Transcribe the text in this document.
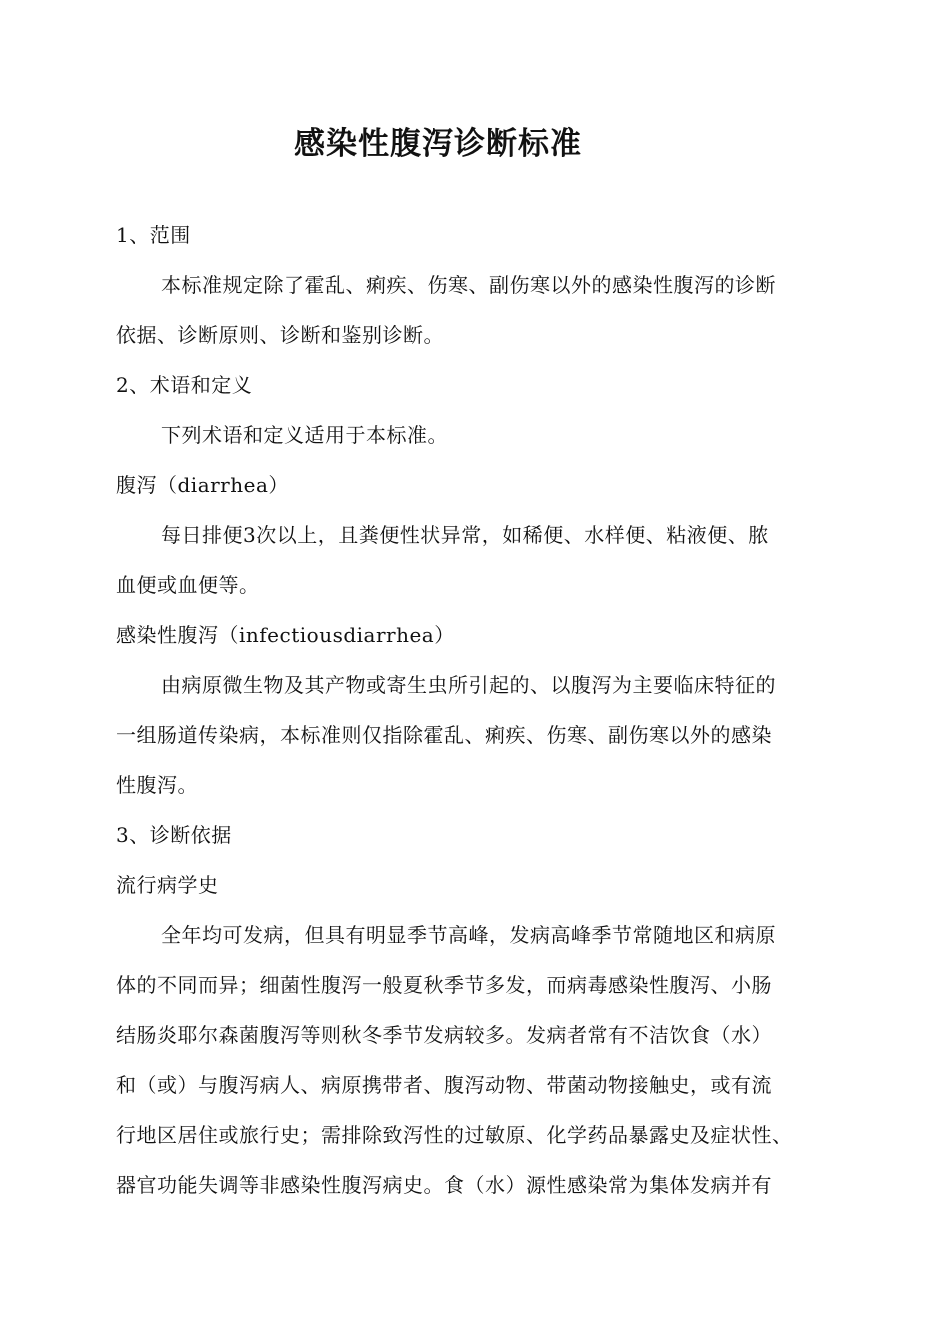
感染性腹泻诊断标准

1、范围

本标准规定除了霍乱、痢疾、伤寒、副伤寒以外的感染性腹泻的诊断

依据、诊断原则、诊断和鉴别诊断。

2、术语和定义

下列术语和定义适用于本标准。

腹泻（diarrhea）

每日排便3次以上，且粪便性状异常，如稀便、水样便、粘液便、脓

血便或血便等。

感染性腹泻（infectiousdiarrhea）

由病原微生物及其产物或寄生虫所引起的、以腹泻为主要临床特征的

一组肠道传染病，本标准则仅指除霍乱、痢疾、伤寒、副伤寒以外的感染

性腹泻。

3、诊断依据

流行病学史

全年均可发病，但具有明显季节高峰，发病高峰季节常随地区和病原

体的不同而异；细菌性腹泻一般夏秋季节多发，而病毒感染性腹泻、小肠

结肠炎耶尔森菌腹泻等则秋冬季节发病较多。发病者常有不洁饮食（水）

和（或）与腹泻病人、病原携带者、腹泻动物、带菌动物接触史，或有流

行地区居住或旅行史；需排除致泻性的过敏原、化学药品暴露史及症状性、

器官功能失调等非感染性腹泻病史。食（水）源性感染常为集体发病并有
